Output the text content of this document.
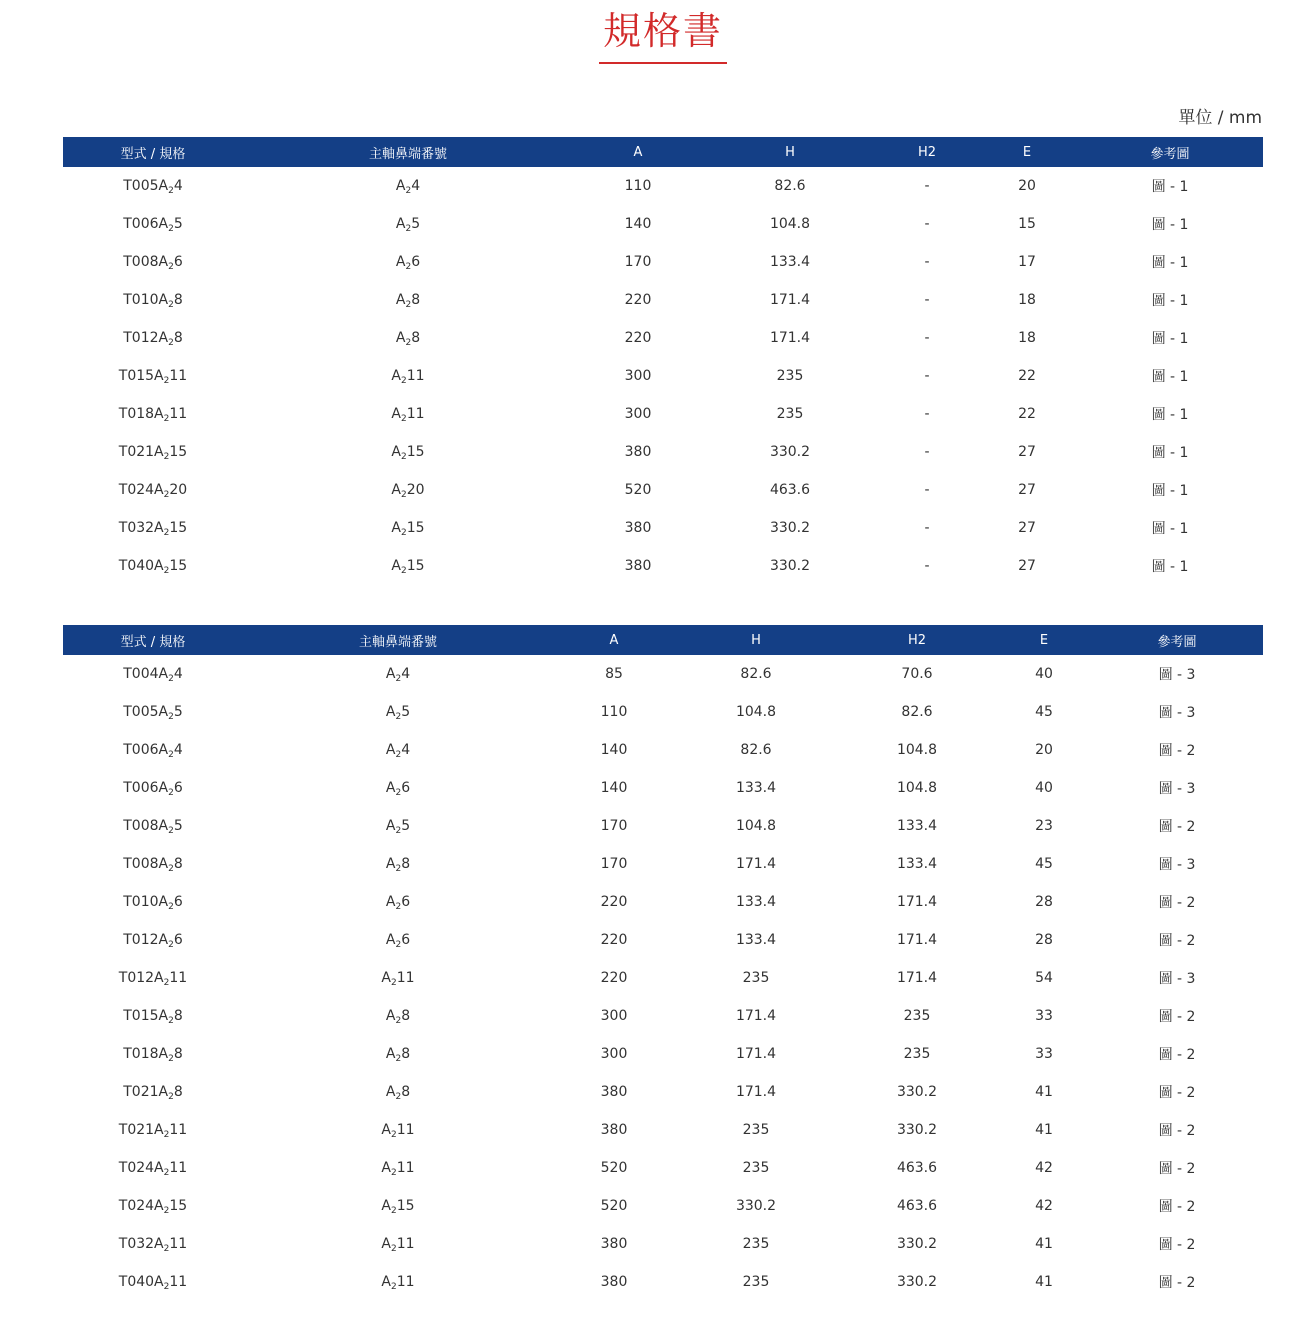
規格書
單位 / mm
型式 / 規格	主軸鼻端番號	A	H	H2	E	參考圖
$T005A_24$	$A_24$	110	82.6	-	20	圖 - 1
$T006A_25$	$A_25$	140	104.8	-	15	圖 - 1
$T008A_26$	$A_26$	170	133.4	-	17	圖 - 1
$T010A_28$	$A_28$	220	171.4	-	18	圖 - 1
$T012A_28$	$A_28$	220	171.4	-	18	圖 - 1
$T015A_211$	$A_211$	300	235	-	22	圖 - 1
$T018A_211$	$A_211$	300	235	-	22	圖 - 1
$T021A_215$	$A_215$	380	330.2	-	27	圖 - 1
$T024A_220$	$A_220$	520	463.6	-	27	圖 - 1
$T032A_215$	$A_215$	380	330.2	-	27	圖 - 1
$T040A_215$	$A_215$	380	330.2	-	27	圖 - 1
型式 / 規格	主軸鼻端番號	A	H	H2	E	參考圖
$T004A_24$	$A_24$	85	82.6	70.6	40	圖 - 3
$T005A_25$	$A_25$	110	104.8	82.6	45	圖 - 3
$T006A_24$	$A_24$	140	82.6	104.8	20	圖 - 2
$T006A_26$	$A_26$	140	133.4	104.8	40	圖 - 3
$T008A_25$	$A_25$	170	104.8	133.4	23	圖 - 2
$T008A_28$	$A_28$	170	171.4	133.4	45	圖 - 3
$T010A_26$	$A_26$	220	133.4	171.4	28	圖 - 2
$T012A_26$	$A_26$	220	133.4	171.4	28	圖 - 2
$T012A_211$	$A_211$	220	235	171.4	54	圖 - 3
$T015A_28$	$A_28$	300	171.4	235	33	圖 - 2
$T018A_28$	$A_28$	300	171.4	235	33	圖 - 2
$T021A_28$	$A_28$	380	171.4	330.2	41	圖 - 2
$T021A_211$	$A_211$	380	235	330.2	41	圖 - 2
$T024A_211$	$A_211$	520	235	463.6	42	圖 - 2
$T024A_215$	$A_215$	520	330.2	463.6	42	圖 - 2
$T032A_211$	$A_211$	380	235	330.2	41	圖 - 2
$T040A_211$	$A_211$	380	235	330.2	41	圖 - 2
